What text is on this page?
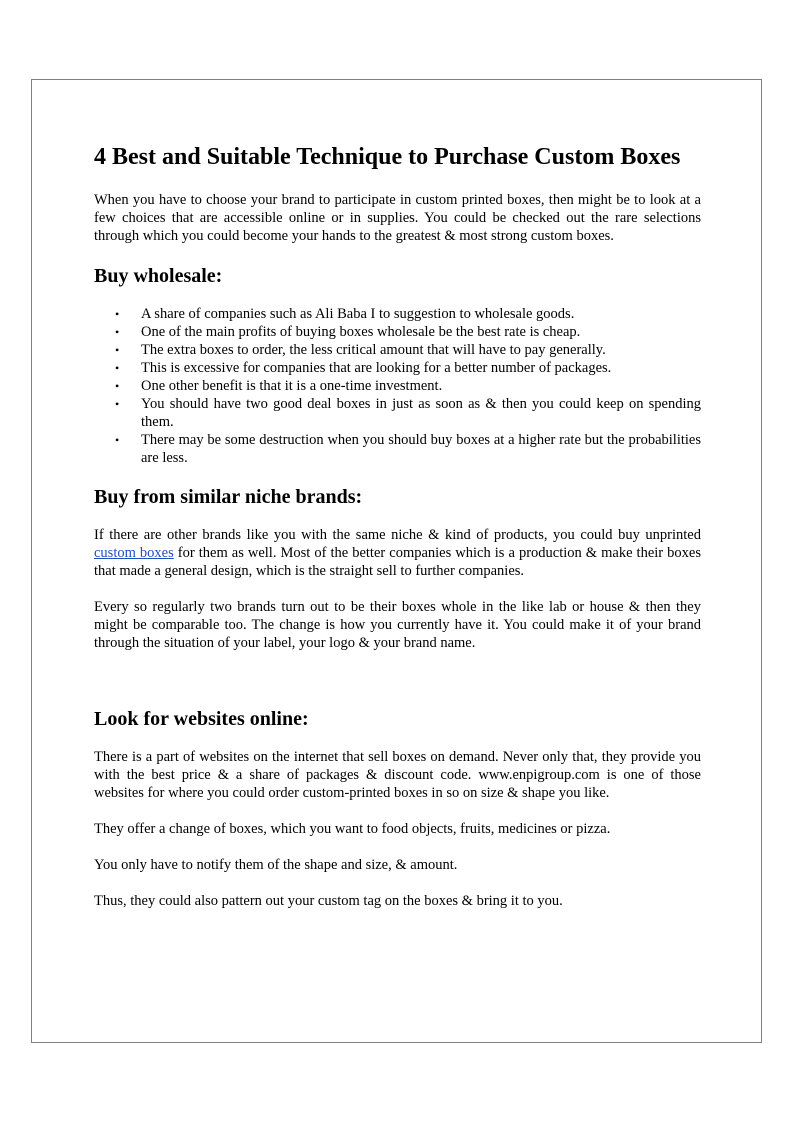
4 Best and Suitable Technique to Purchase Custom Boxes

When you have to choose your brand to participate in custom printed boxes, then might be to look at a few choices that are accessible online or in supplies. You could be checked out the rare selections through which you could become your hands to the greatest & most strong custom boxes.

Buy wholesale:
• A share of companies such as Ali Baba I to suggestion to wholesale goods.
• One of the main profits of buying boxes wholesale be the best rate is cheap.
• The extra boxes to order, the less critical amount that will have to pay generally.
• This is excessive for companies that are looking for a better number of packages.
• One other benefit is that it is a one-time investment.
• You should have two good deal boxes in just as soon as & then you could keep on spending them.
• There may be some destruction when you should buy boxes at a higher rate but the probabilities are less.
Buy from similar niche brands:

If there are other brands like you with the same niche & kind of products, you could buy unprinted custom boxes for them as well. Most of the better companies which is a production & make their boxes that made a general design, which is the straight sell to further companies.

Every so regularly two brands turn out to be their boxes whole in the like lab or house & then they might be comparable too. The change is how you currently have it. You could make it of your brand through the situation of your label, your logo & your brand name.

Look for websites online:

There is a part of websites on the internet that sell boxes on demand. Never only that, they provide you with the best price & a share of packages & discount code. www.enpigroup.com is one of those websites for where you could order custom-printed boxes in so on size & shape you like.

They offer a change of boxes, which you want to food objects, fruits, medicines or pizza.

You only have to notify them of the shape and size, & amount.

Thus, they could also pattern out your custom tag on the boxes & bring it to you.
